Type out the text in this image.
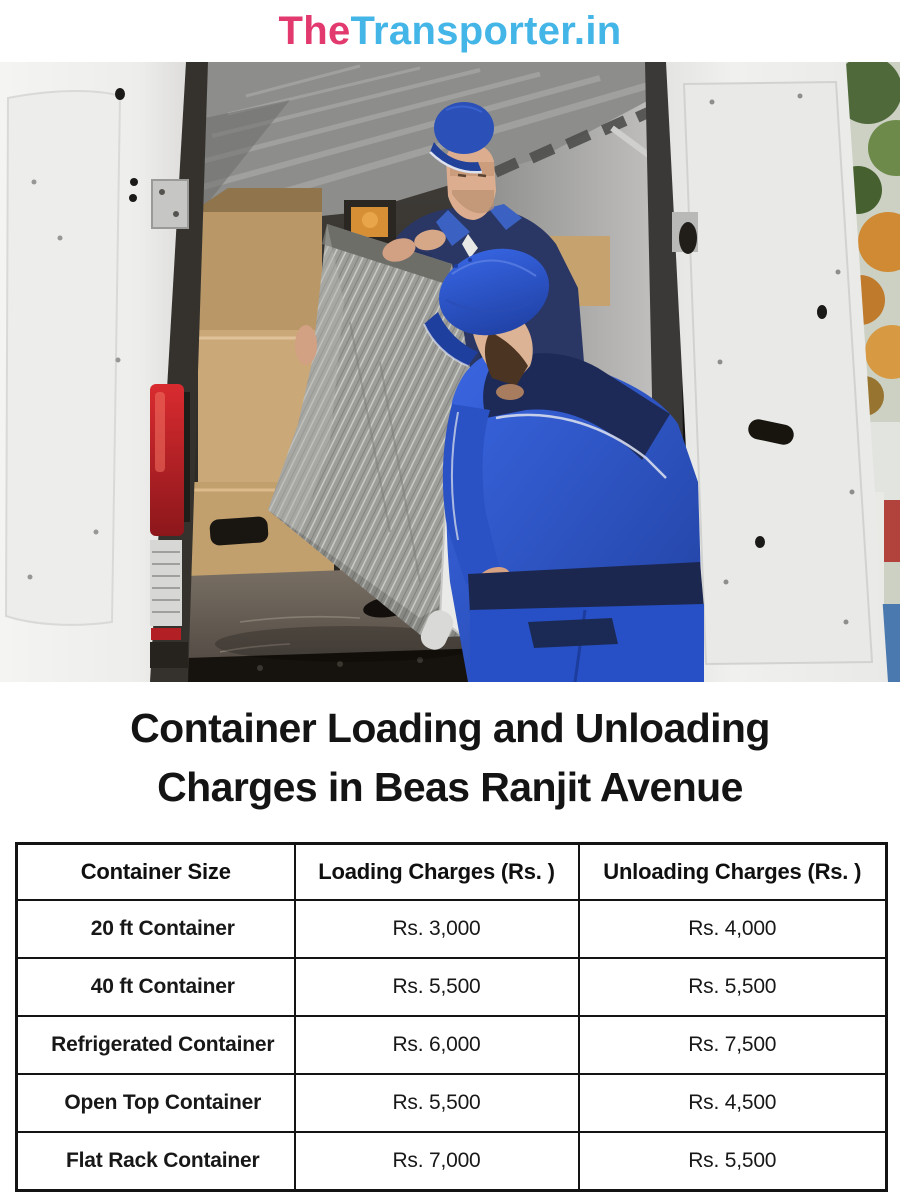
TheTransporter.in
Container Loading and Unloading
Charges in Beas Ranjit Avenue
Container Size	Loading Charges (Rs. )	Unloading Charges (Rs. )
20 ft Container	Rs. 3,000	Rs. 4,000
40 ft Container	Rs. 5,500	Rs. 5,500
Refrigerated Container	Rs. 6,000	Rs. 7,500
Open Top Container	Rs. 5,500	Rs. 4,500
Flat Rack Container	Rs. 7,000	Rs. 5,500
